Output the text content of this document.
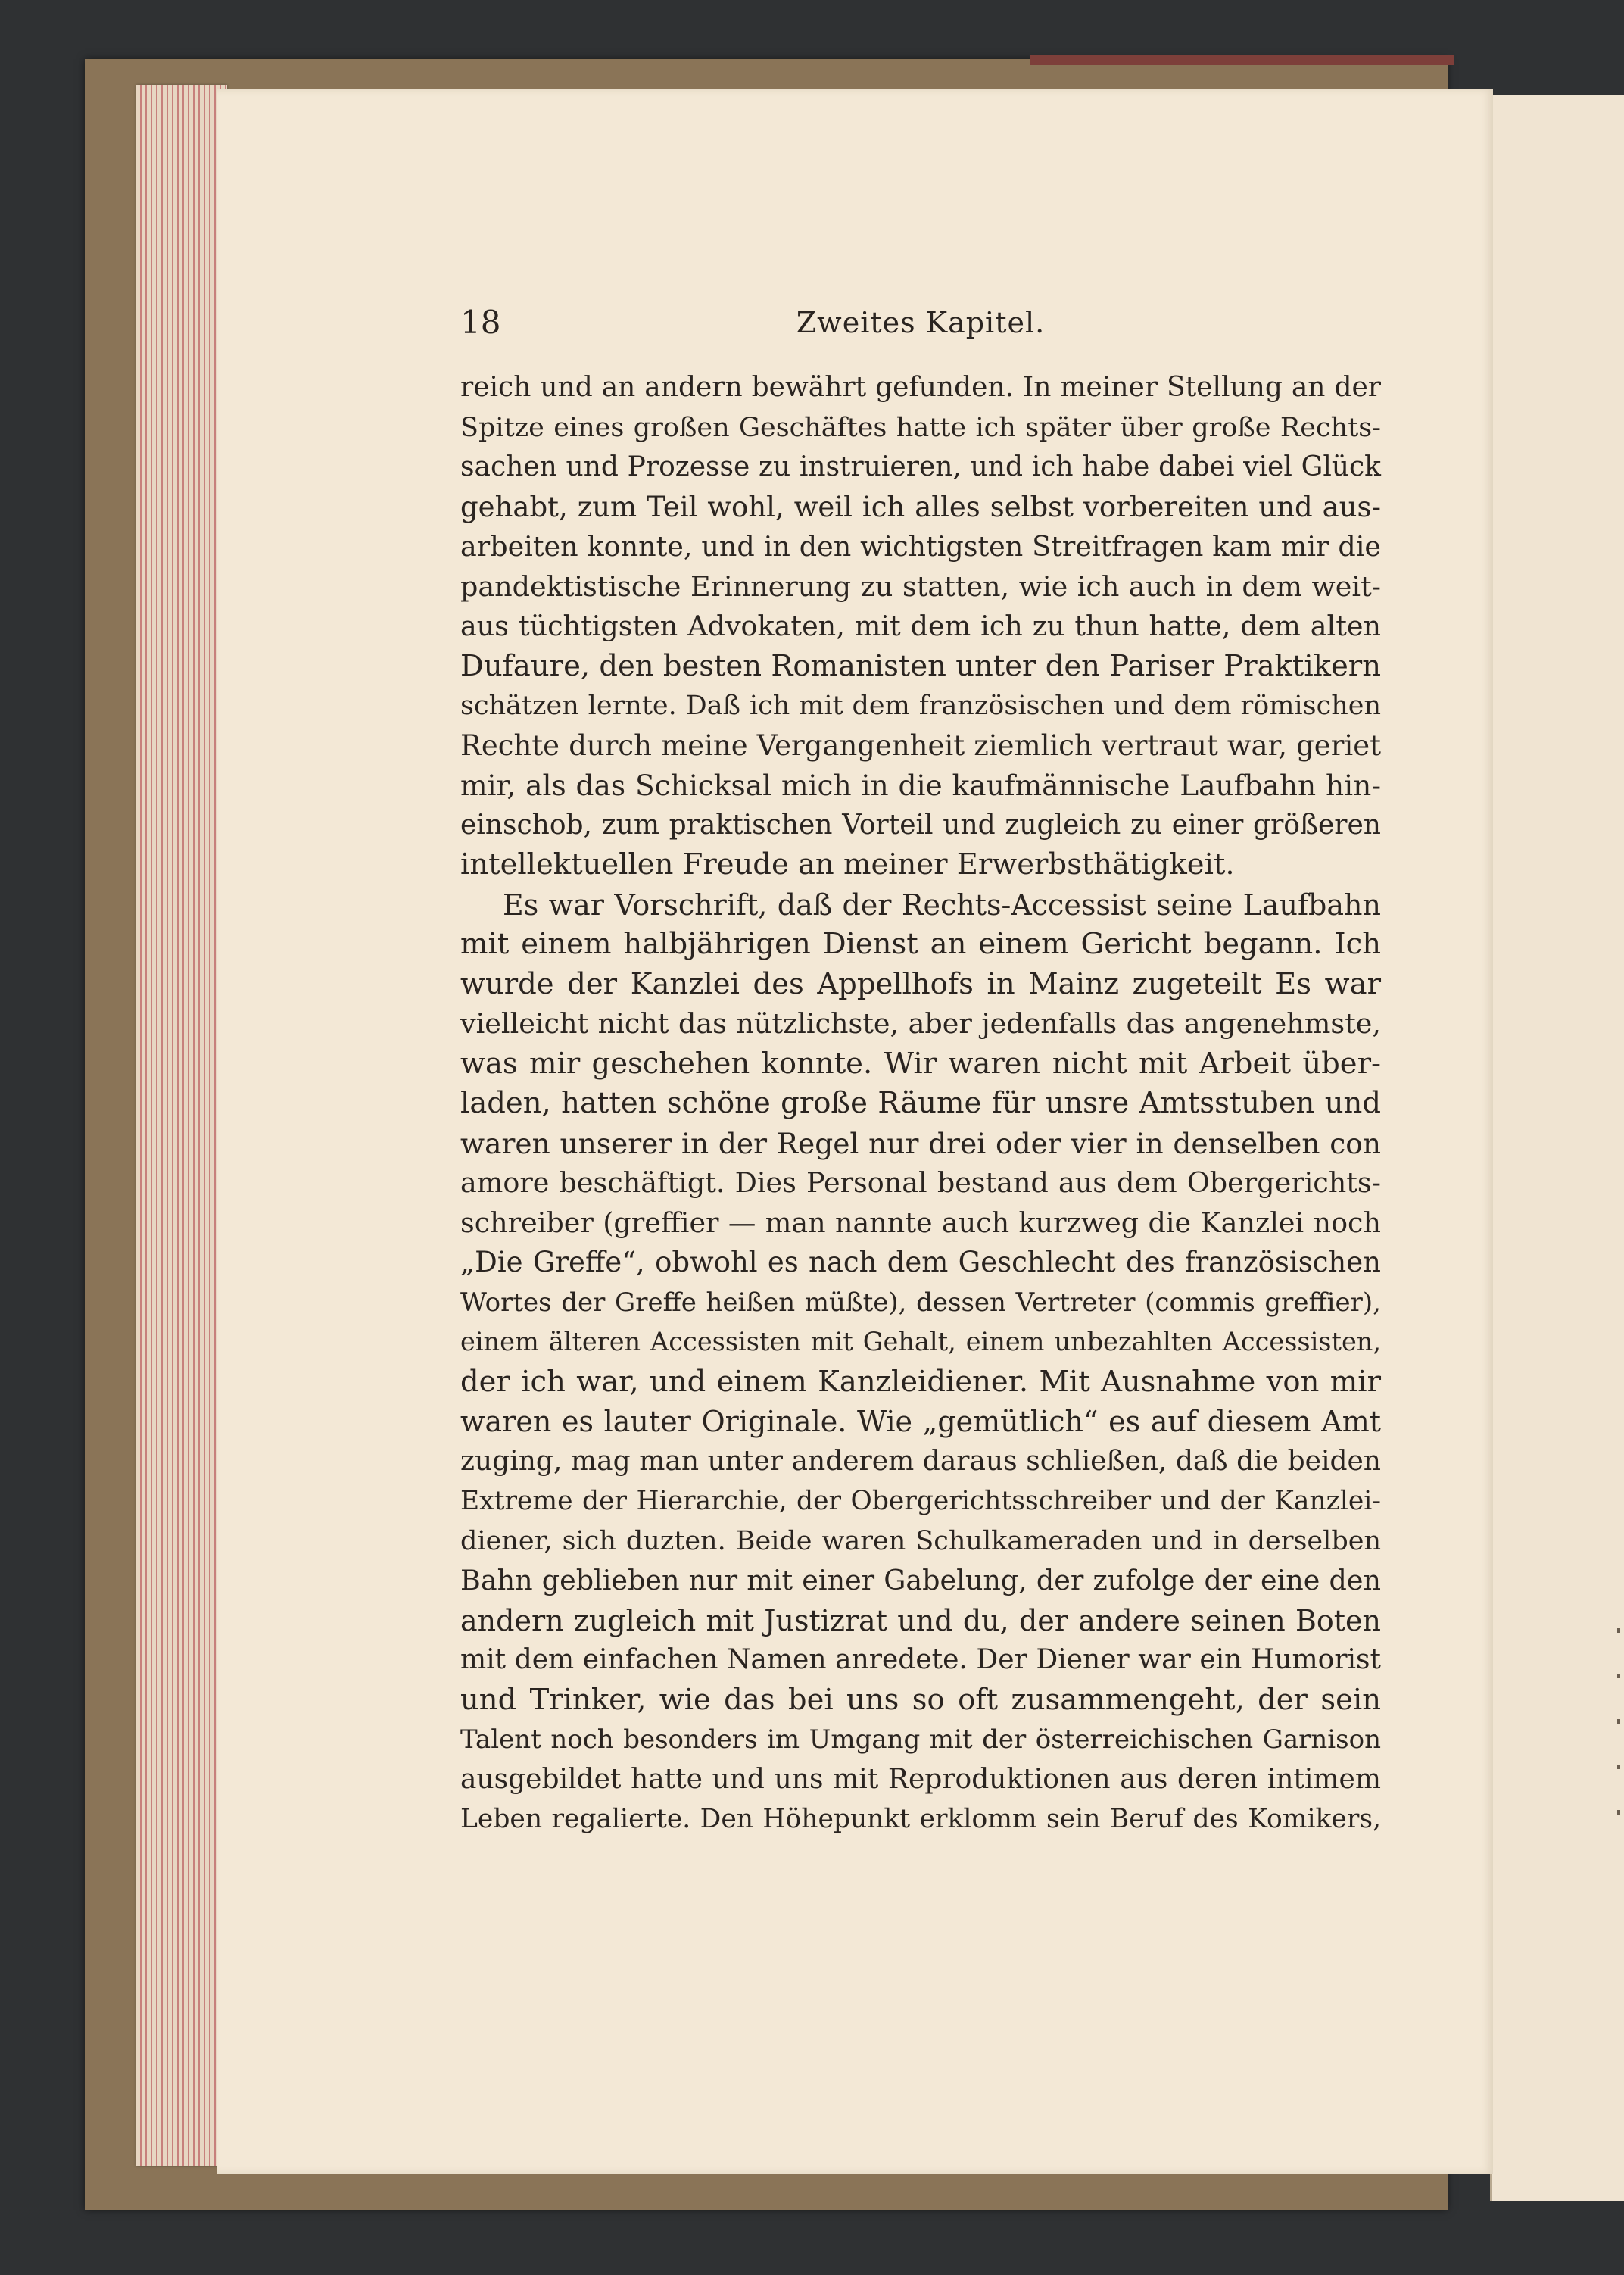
18	Zweites Kapitel.
reich und an andern bewährt gefunden. In meiner Stellung an der
Spitze eines großen Geschäftes hatte ich später über große Rechts-
sachen und Prozesse zu instruieren, und ich habe dabei viel Glück
gehabt, zum Teil wohl, weil ich alles selbst vorbereiten und aus-
arbeiten konnte, und in den wichtigsten Streitfragen kam mir die
pandektistische Erinnerung zu statten, wie ich auch in dem weit-
aus tüchtigsten Advokaten, mit dem ich zu thun hatte, dem alten
Dufaure, den besten Romanisten unter den Pariser Praktikern
schätzen lernte. Daß ich mit dem französischen und dem römischen
Rechte durch meine Vergangenheit ziemlich vertraut war, geriet
mir, als das Schicksal mich in die kaufmännische Laufbahn hin-
einschob, zum praktischen Vorteil und zugleich zu einer größeren
intellektuellen Freude an meiner Erwerbsthätigkeit.
Es war Vorschrift, daß der Rechts-Accessist seine Laufbahn
mit einem halbjährigen Dienst an einem Gericht begann. Ich
wurde der Kanzlei des Appellhofs in Mainz zugeteilt Es war
vielleicht nicht das nützlichste, aber jedenfalls das angenehmste,
was mir geschehen konnte. Wir waren nicht mit Arbeit über-
laden, hatten schöne große Räume für unsre Amtsstuben und
waren unserer in der Regel nur drei oder vier in denselben con
amore beschäftigt. Dies Personal bestand aus dem Obergerichts-
schreiber (greffier — man nannte auch kurzweg die Kanzlei noch
„Die Greffe“, obwohl es nach dem Geschlecht des französischen
Wortes der Greffe heißen müßte), dessen Vertreter (commis greffier),
einem älteren Accessisten mit Gehalt, einem unbezahlten Accessisten,
der ich war, und einem Kanzleidiener. Mit Ausnahme von mir
waren es lauter Originale. Wie „gemütlich“ es auf diesem Amt
zuging, mag man unter anderem daraus schließen, daß die beiden
Extreme der Hierarchie, der Obergerichtsschreiber und der Kanzlei-
diener, sich duzten. Beide waren Schulkameraden und in derselben
Bahn geblieben nur mit einer Gabelung, der zufolge der eine den
andern zugleich mit Justizrat und du, der andere seinen Boten
mit dem einfachen Namen anredete. Der Diener war ein Humorist
und Trinker, wie das bei uns so oft zusammengeht, der sein
Talent noch besonders im Umgang mit der österreichischen Garnison
ausgebildet hatte und uns mit Reproduktionen aus deren intimem
Leben regalierte. Den Höhepunkt erklomm sein Beruf des Komikers,
